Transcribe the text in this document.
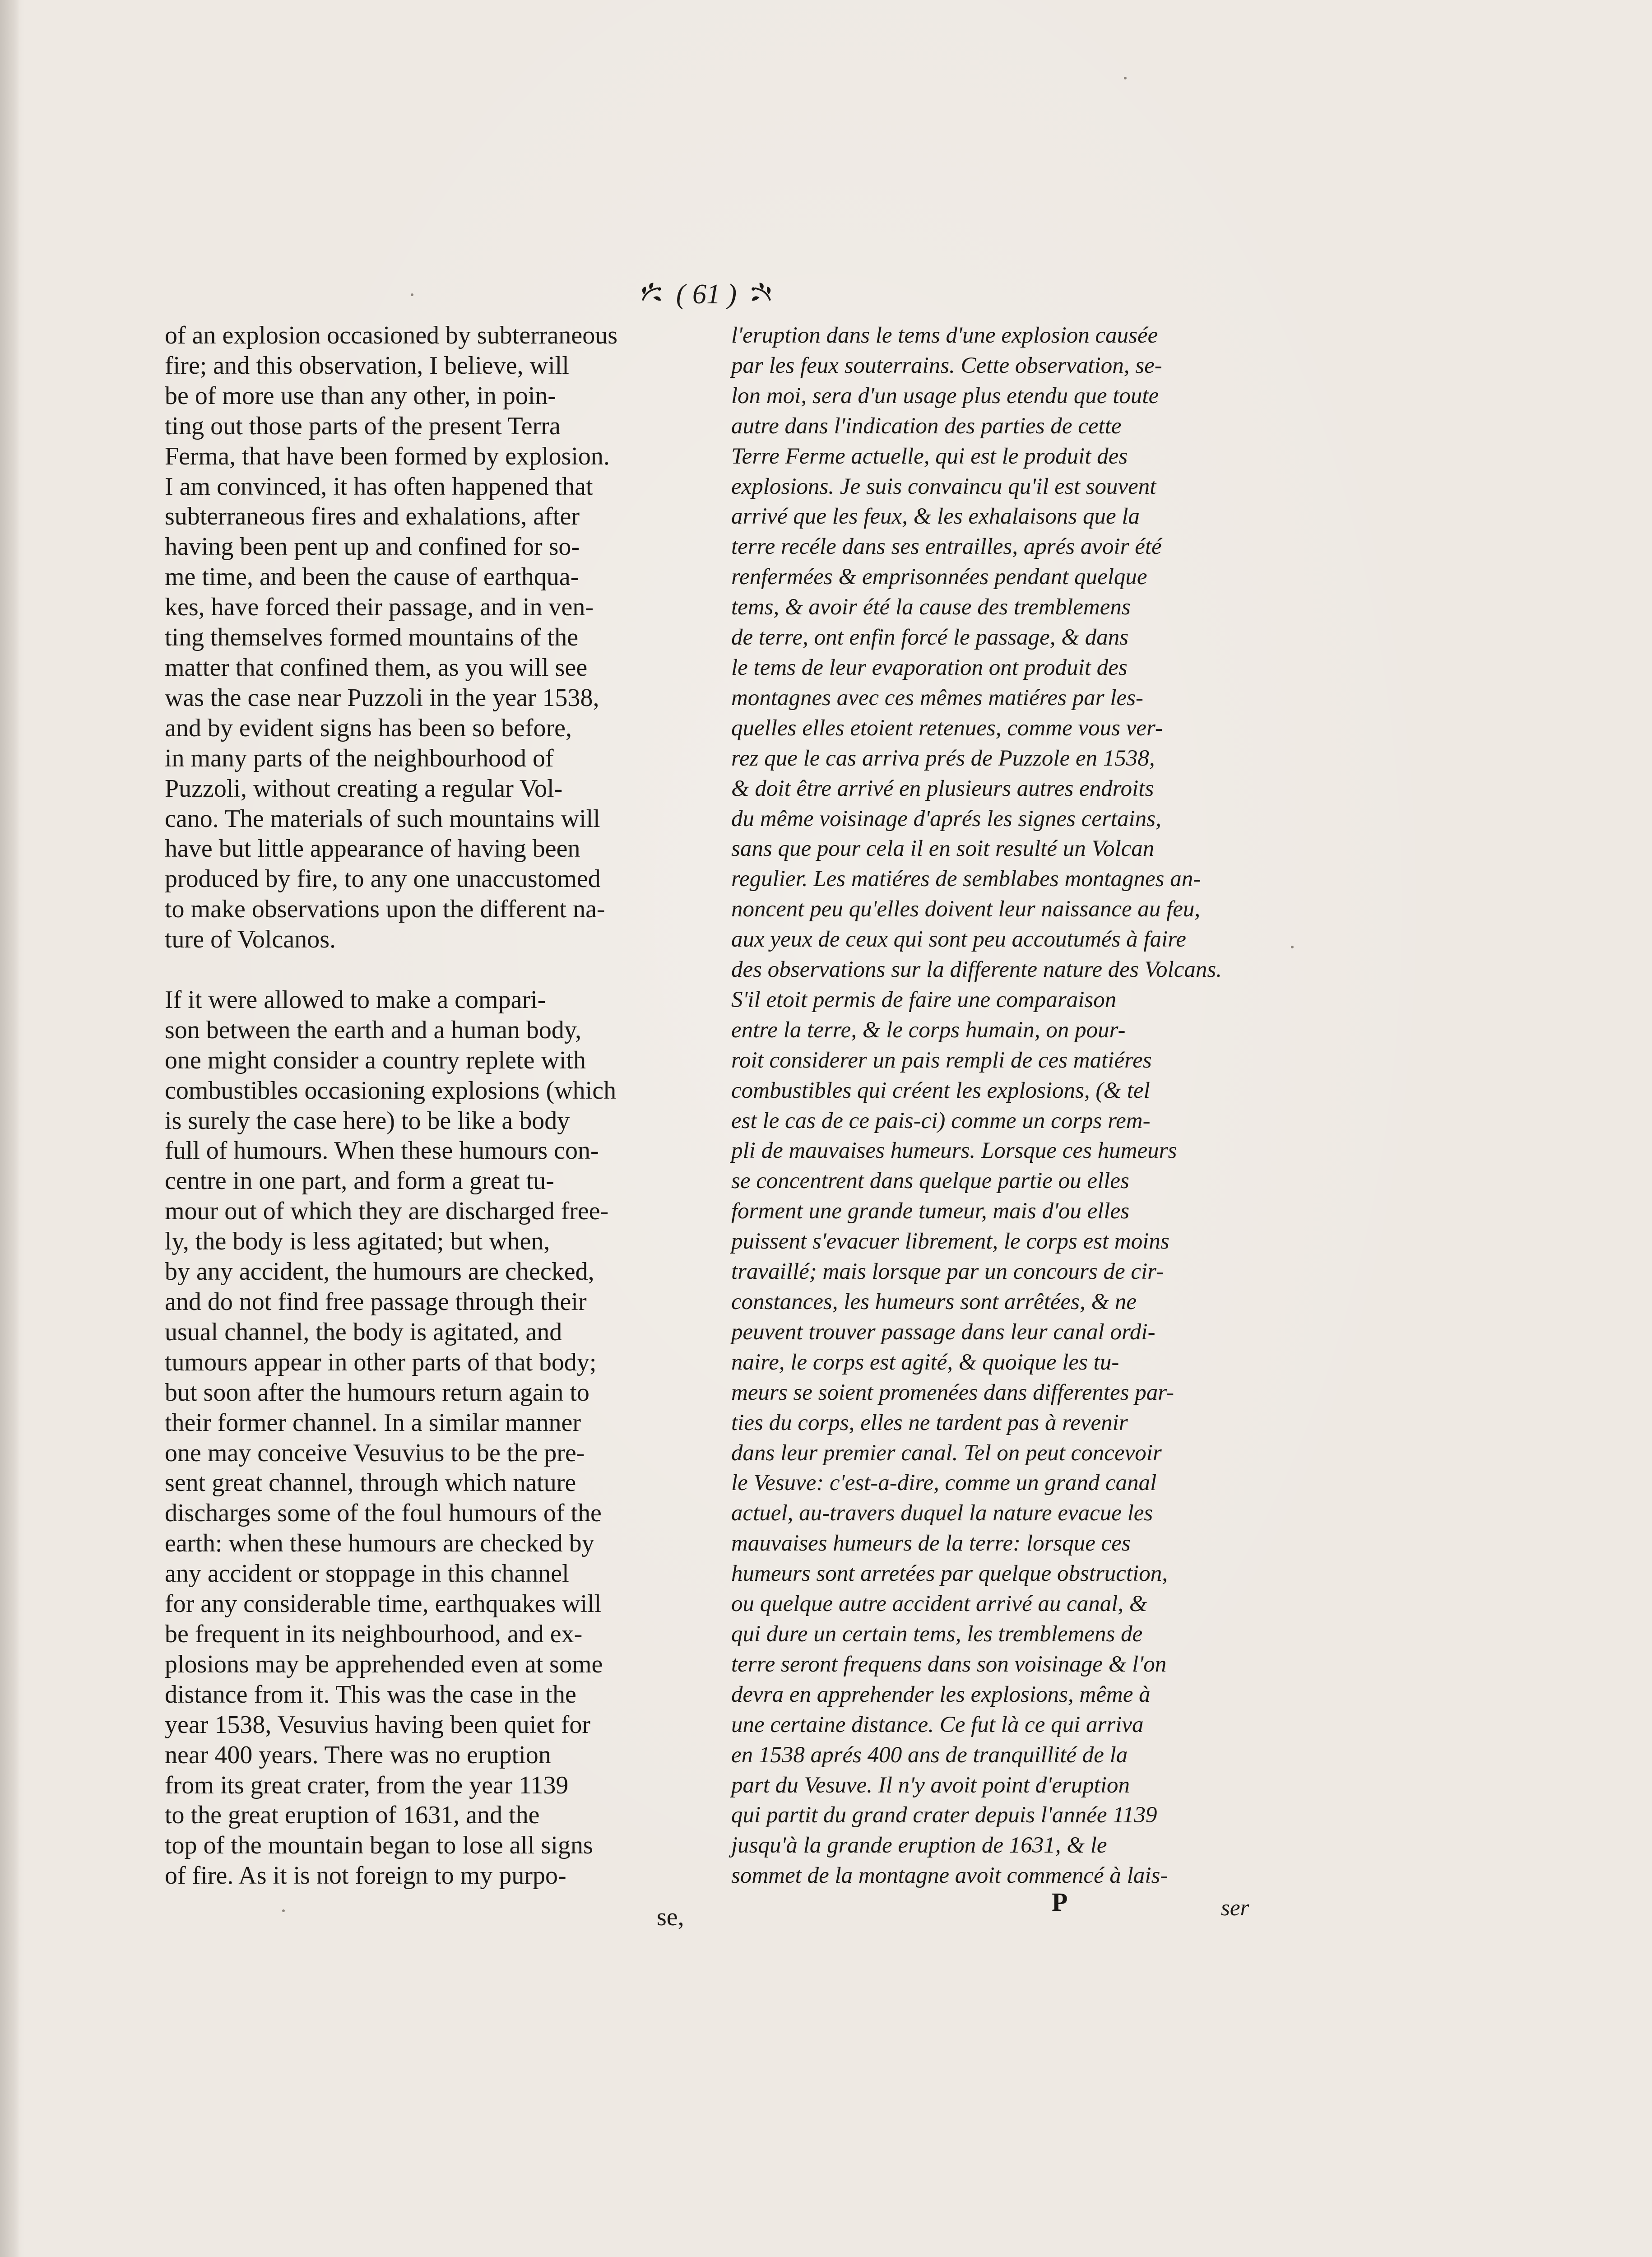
( 61 )
of an explosion occasioned by subterraneous
fire; and this observation, I believe, will
be of more use than any other, in poin-
ting out those parts of the present Terra
Ferma, that have been formed by explosion.
I am convinced, it has often happened that
subterraneous fires and exhalations, after
having been pent up and confined for so-
me time, and been the cause of earthqua-
kes, have forced their passage, and in ven-
ting themselves formed mountains of the
matter that confined them, as you will see
was the case near Puzzoli in the year 1538,
and by evident signs has been so before,
in many parts of the neighbourhood of
Puzzoli, without creating a regular Vol-
cano. The materials of such mountains will
have but little appearance of having been
produced by fire, to any one unaccustomed
to make observations upon the different na-
ture of Volcanos.

If it were allowed to make a compari-
son between the earth and a human body,
one might consider a country replete with
combustibles occasioning explosions (which
is surely the case here) to be like a body
full of humours. When these humours con-
centre in one part, and form a great tu-
mour out of which they are discharged free-
ly, the body is less agitated; but when,
by any accident, the humours are checked,
and do not find free passage through their
usual channel, the body is agitated, and
tumours appear in other parts of that body;
but soon after the humours return again to
their former channel. In a similar manner
one may conceive Vesuvius to be the pre-
sent great channel, through which nature
discharges some of the foul humours of the
earth: when these humours are checked by
any accident or stoppage in this channel
for any considerable time, earthquakes will
be frequent in its neighbourhood, and ex-
plosions may be apprehended even at some
distance from it. This was the case in the
year 1538, Vesuvius having been quiet for
near 400 years. There was no eruption
from its great crater, from the year 1139
to the great eruption of 1631, and the
top of the mountain began to lose all signs
of fire. As it is not foreign to my purpo-
se,
l'eruption dans le tems d'une explosion causée
par les feux souterrains. Cette observation, se-
lon moi, sera d'un usage plus etendu que toute
autre dans l'indication des parties de cette
Terre Ferme actuelle, qui est le produit des
explosions. Je suis convaincu qu'il est souvent
arrivé que les feux, & les exhalaisons que la
terre recéle dans ses entrailles, aprés avoir été
renfermées & emprisonnées pendant quelque
tems, & avoir été la cause des tremblemens
de terre, ont enfin forcé le passage, & dans
le tems de leur evaporation ont produit des
montagnes avec ces mêmes matiéres par les-
quelles elles etoient retenues, comme vous ver-
rez que le cas arriva prés de Puzzole en 1538,
& doit être arrivé en plusieurs autres endroits
du même voisinage d'aprés les signes certains,
sans que pour cela il en soit resulté un Volcan
regulier. Les matiéres de semblabes montagnes an-
noncent peu qu'elles doivent leur naissance au feu,
aux yeux de ceux qui sont peu accoutumés à faire
des observations sur la differente nature des Volcans.
S'il etoit permis de faire une comparaison
entre la terre, & le corps humain, on pour-
roit considerer un pais rempli de ces matiéres
combustibles qui créent les explosions, (& tel
est le cas de ce pais-ci) comme un corps rem-
pli de mauvaises humeurs. Lorsque ces humeurs
se concentrent dans quelque partie ou elles
forment une grande tumeur, mais d'ou elles
puissent s'evacuer librement, le corps est moins
travaillé; mais lorsque par un concours de cir-
constances, les humeurs sont arrêtées, & ne
peuvent trouver passage dans leur canal ordi-
naire, le corps est agité, & quoique les tu-
meurs se soient promenées dans differentes par-
ties du corps, elles ne tardent pas à revenir
dans leur premier canal. Tel on peut concevoir
le Vesuve: c'est-a-dire, comme un grand canal
actuel, au-travers duquel la nature evacue les
mauvaises humeurs de la terre: lorsque ces
humeurs sont arretées par quelque obstruction,
ou quelque autre accident arrivé au canal, &
qui dure un certain tems, les tremblemens de
terre seront frequens dans son voisinage & l'on
devra en apprehender les explosions, même à
une certaine distance. Ce fut là ce qui arriva
en 1538 aprés 400 ans de tranquillité de la
part du Vesuve. Il n'y avoit point d'eruption
qui partit du grand crater depuis l'année 1139
jusqu'à la grande eruption de 1631, & le
sommet de la montagne avoit commencé à lais-
ser
P
